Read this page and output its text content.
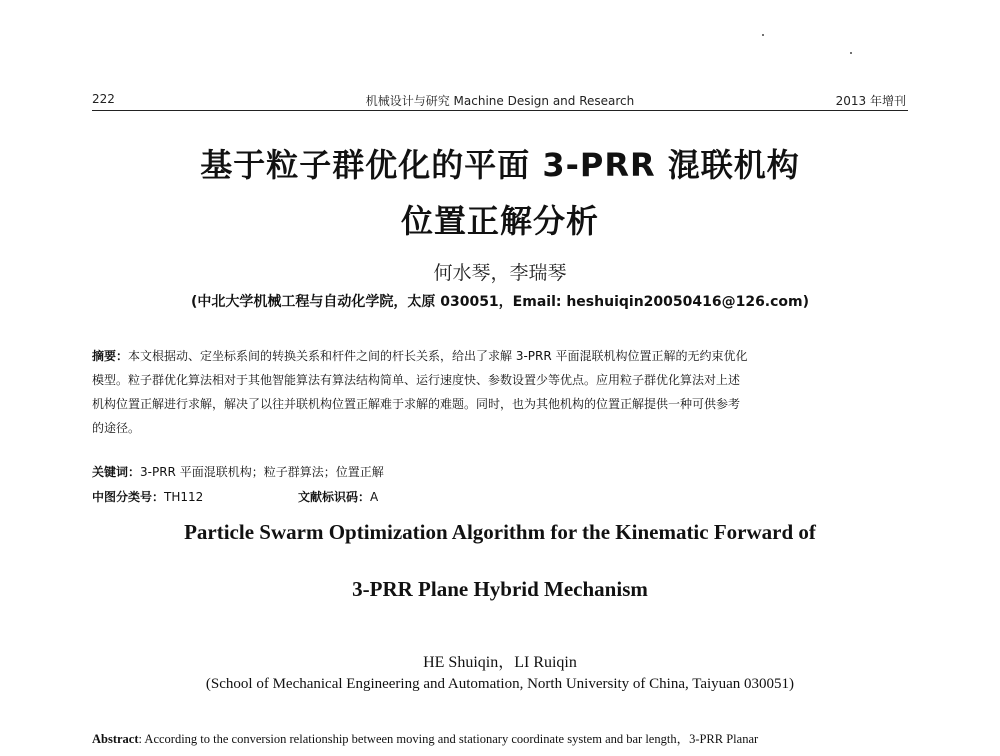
222	机械设计与研究 Machine Design and Research	2013 年增刊
基于粒子群优化的平面 3-PRR 混联机构
位置正解分析
何水琴，李瑞琴
(中北大学机械工程与自动化学院，太原 030051，Email: heshuiqin20050416@126.com)
摘要：本文根据动、定坐标系间的转换关系和杆件之间的杆长关系，给出了求解 3-PRR 平面混联机构位置正解的无约束优化
模型。粒子群优化算法相对于其他智能算法有算法结构简单、运行速度快、参数设置少等优点。应用粒子群优化算法对上述
机构位置正解进行求解，解决了以往并联机构位置正解难于求解的难题。同时，也为其他机构的位置正解提供一种可供参考
的途径。
关键词：3-PRR 平面混联机构；粒子群算法；位置正解
中图分类号：TH112	文献标识码：A
Particle Swarm Optimization Algorithm for the Kinematic Forward of
3-PRR Plane Hybrid Mechanism
HE Shuiqin，LI Ruiqin
(School of Mechanical Engineering and Automation, North University of China, Taiyuan 030051)
Abstract: According to the conversion relationship between moving and stationary coordinate system and bar length，3-PRR Planar
